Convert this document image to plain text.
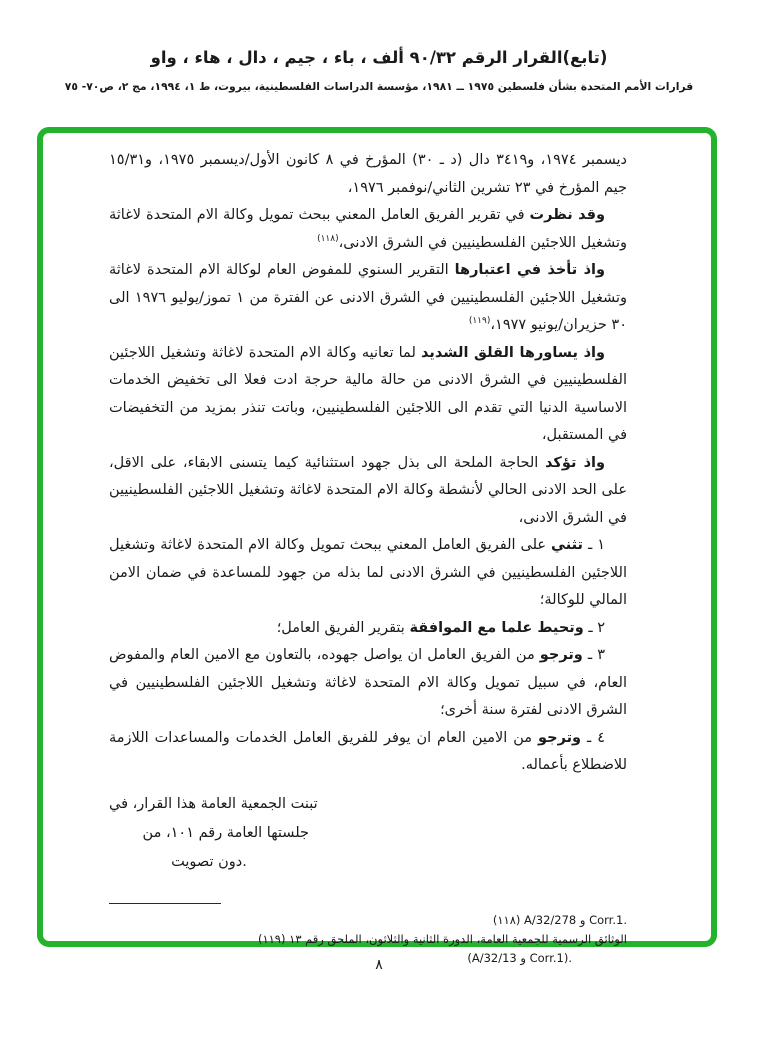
(تابع)القرار الرقم ٩٠/٣٢ ألف ، باء ، جيم ، دال ، هاء ، واو
قرارات الأمم المتحدة بشأن فلسطين ١٩٧٥ ــ ١٩٨١، مؤسسة الدراسات الفلسطينية، بيروت، ط ١، ١٩٩٤، مج ٢، ص٧٠- ٧٥

ديسمبر ١٩٧٤، و٣٤١٩ دال (د ـ ٣٠) المؤرخ في ٨ كانون الأول/ديسمبر ١٩٧٥، و١٥/٣١ جيم المؤرخ في ٢٣ تشرين الثاني/نوفمبر ١٩٧٦،

وقد نظرت في تقرير الفريق العامل المعني ببحث تمويل وكالة الام المتحدة لاغاثة وتشغيل اللاجئين الفلسطينيين في الشرق الادنى،$^{(١١٨)}$

واذ تأخذ في اعتبارها التقرير السنوي للمفوض العام لوكالة الام المتحدة لاغاثة وتشغيل اللاجئين الفلسطينيين في الشرق الادنى عن الفترة من ١ تموز/يوليو ١٩٧٦ الى ٣٠ حزيران/يونيو ١٩٧٧،$^{(١١٩)}$

واذ يساورها القلق الشديد لما تعانيه وكالة الام المتحدة لاغاثة وتشغيل اللاجئين الفلسطينيين في الشرق الادنى من حالة مالية حرجة ادت فعلا الى تخفيض الخدمات الاساسية الدنيا التي تقدم الى اللاجئين الفلسطينيين، وباتت تنذر بمزيد من التخفيضات في المستقبل،

واذ تؤكد الحاجة الملحة الى بذل جهود استثنائية كيما يتسنى الابقاء، على الاقل، على الحد الادنى الحالي لأنشطة وكالة الام المتحدة لاغاثة وتشغيل اللاجئين الفلسطينيين في الشرق الادنى،

١ ـ تثني على الفريق العامل المعني ببحث تمويل وكالة الام المتحدة لاغاثة وتشغيل اللاجئين الفلسطينيين في الشرق الادنى لما بذله من جهود للمساعدة في ضمان الامن المالي للوكالة؛

٢ ـ وتحيط علما مع الموافقة بتقرير الفريق العامل؛

٣ ـ وترجو من الفريق العامل ان يواصل جهوده، بالتعاون مع الامين العام والمفوض العام، في سبيل تمويل وكالة الام المتحدة لاغاثة وتشغيل اللاجئين الفلسطينيين في الشرق الادنى لفترة سنة أخرى؛

٤ ـ وترجو من الامين العام ان يوفر للفريق العامل الخدمات والمساعدات اللازمة للاضطلاع بأعماله.

تبنت الجمعية العامة هذا القرار، في
جلستها العامة رقم ١٠١، من
دون تصويت.
(١١٨) A/32/278 و Corr.1.
(١١٩) الوثائق الرسمية للجمعية العامة، الدورة الثانية والثلاثون، الملحق رقم ١٣
(A/32/13 و Corr.1).
٨
